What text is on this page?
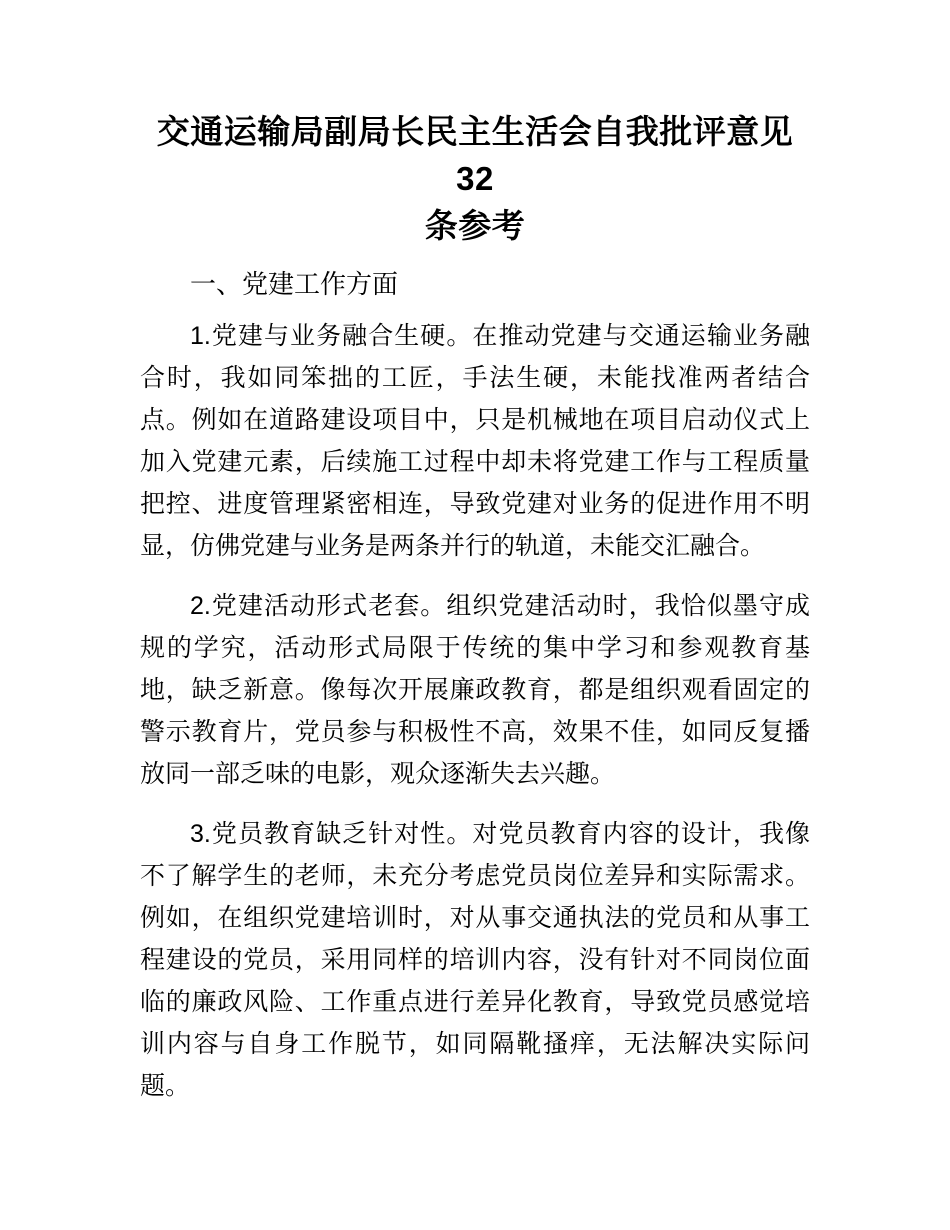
交通运输局副局长民主生活会自我批评意见 32
条参考
一、党建工作方面

1.党建与业务融合生硬。在推动党建与交通运输业务融合时，我如同笨拙的工匠，手法生硬，未能找准两者结合点。例如在道路建设项目中，只是机械地在项目启动仪式上加入党建元素，后续施工过程中却未将党建工作与工程质量把控、进度管理紧密相连，导致党建对业务的促进作用不明显，仿佛党建与业务是两条并行的轨道，未能交汇融合。

2.党建活动形式老套。组织党建活动时，我恰似墨守成规的学究，活动形式局限于传统的集中学习和参观教育基地，缺乏新意。像每次开展廉政教育，都是组织观看固定的警示教育片，党员参与积极性不高，效果不佳，如同反复播放同一部乏味的电影，观众逐渐失去兴趣。

3.党员教育缺乏针对性。对党员教育内容的设计，我像不了解学生的老师，未充分考虑党员岗位差异和实际需求。例如，在组织党建培训时，对从事交通执法的党员和从事工程建设的党员，采用同样的培训内容，没有针对不同岗位面临的廉政风险、工作重点进行差异化教育，导致党员感觉培训内容与自身工作脱节，如同隔靴搔痒，无法解决实际问题。
